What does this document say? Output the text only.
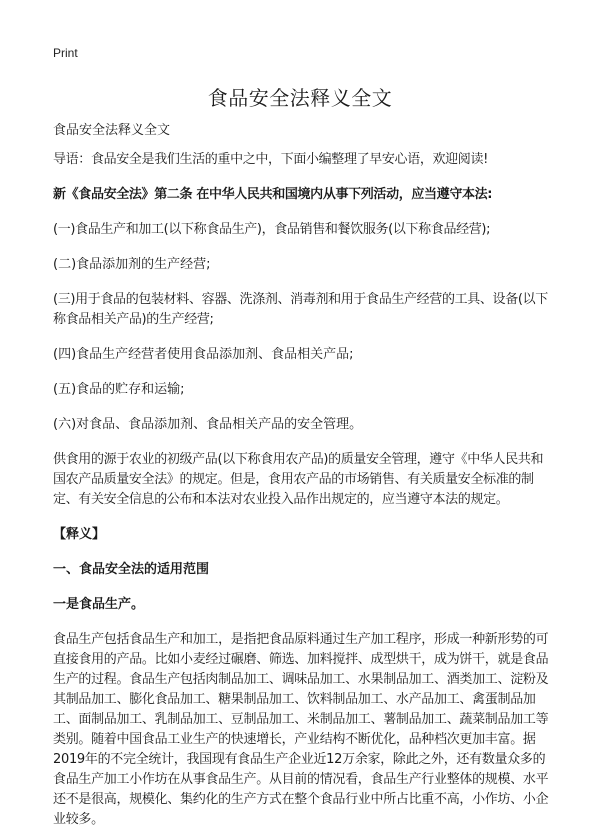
Print
食品安全法释义全文

食品安全法释义全文

导语：食品安全是我们生活的重中之中，下面小编整理了早安心语，欢迎阅读!

新《食品安全法》第二条 在中华人民共和国境内从事下列活动，应当遵守本法:

(一)食品生产和加工(以下称食品生产)，食品销售和餐饮服务(以下称食品经营);

(二)食品添加剂的生产经营;

(三)用于食品的包装材料、容器、洗涤剂、消毒剂和用于食品生产经营的工具、设备(以下称食品相关产品)的生产经营;

(四)食品生产经营者使用食品添加剂、食品相关产品;

(五)食品的贮存和运输;

(六)对食品、食品添加剂、食品相关产品的安全管理。

供食用的源于农业的初级产品(以下称食用农产品)的质量安全管理，遵守《中华人民共和国农产品质量安全法》的规定。但是，食用农产品的市场销售、有关质量安全标准的制定、有关安全信息的公布和本法对农业投入品作出规定的，应当遵守本法的规定。

【释义】

一、食品安全法的适用范围

一是食品生产。

食品生产包括食品生产和加工，是指把食品原料通过生产加工程序，形成一种新形势的可直接食用的产品。比如小麦经过碾磨、筛选、加料搅拌、成型烘干，成为饼干，就是食品生产的过程。食品生产包括肉制品加工、调味品加工、水果制品加工、酒类加工、淀粉及其制品加工、膨化食品加工、糖果制品加工、饮料制品加工、水产品加工、禽蛋制品加工、面制品加工、乳制品加工、豆制品加工、米制品加工、薯制品加工、蔬菜制品加工等类别。随着中国食品工业生产的快速增长，产业结构不断优化，品种档次更加丰富。据2019年的不完全统计，我国现有食品生产企业近12万余家，除此之外，还有数量众多的食品生产加工小作坊在从事食品生产。从目前的情况看，食品生产行业整体的规模、水平还不是很高，规模化、集约化的生产方式在整个食品行业中所占比重不高，小作坊、小企业较多。
